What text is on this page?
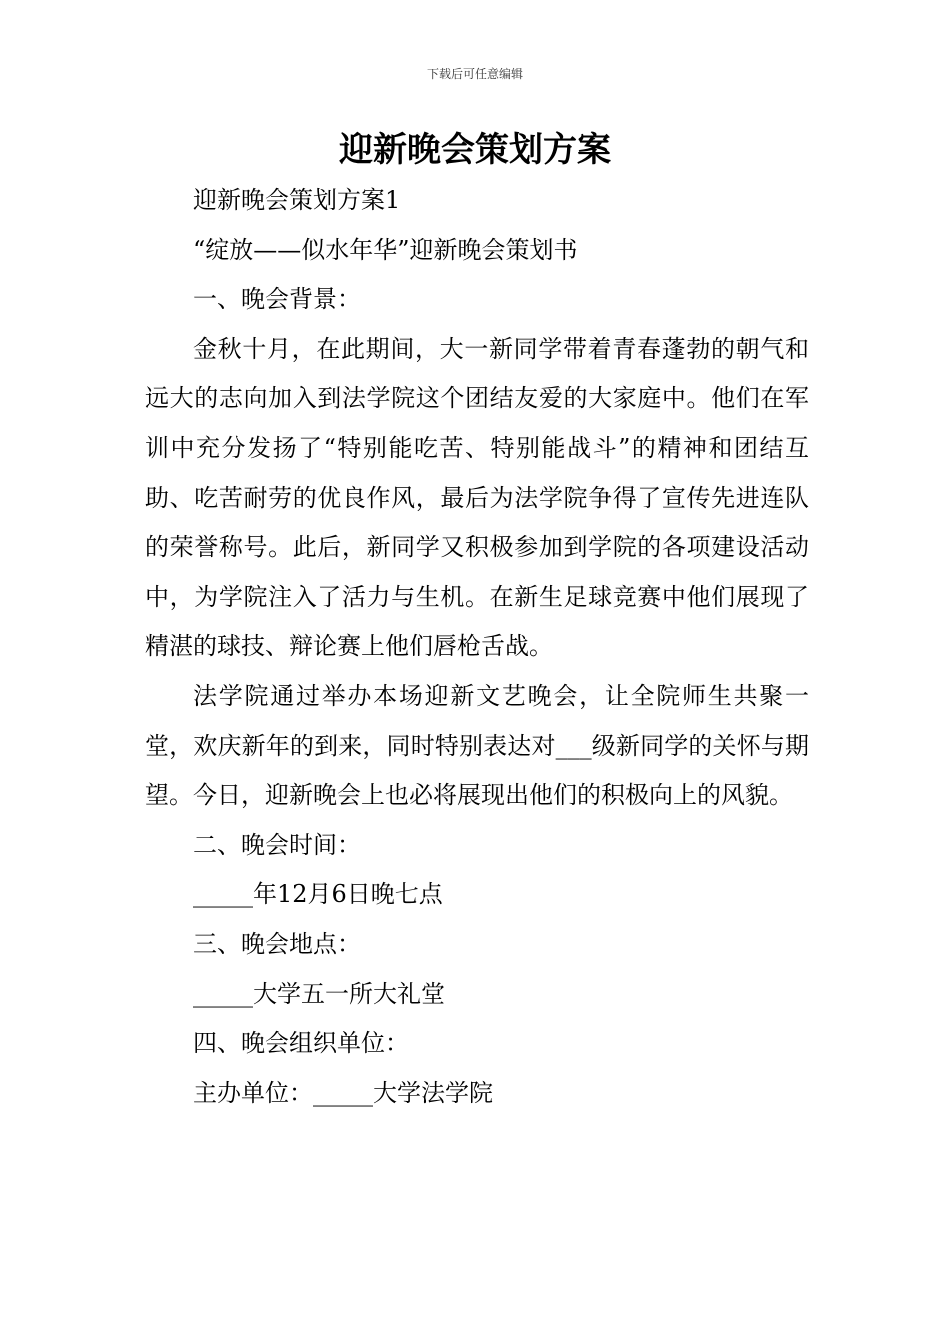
下载后可任意编辑
迎新晚会策划方案

迎新晚会策划方案1

“绽放——似水年华”迎新晚会策划书

一、晚会背景：

金秋十月，在此期间，大一新同学带着青春蓬勃的朝气和远大的志向加入到法学院这个团结友爱的大家庭中。他们在军训中充分发扬了“特别能吃苦、特别能战斗”的精神和团结互助、吃苦耐劳的优良作风，最后为法学院争得了宣传先进连队的荣誉称号。此后，新同学又积极参加到学院的各项建设活动中，为学院注入了活力与生机。在新生足球竞赛中他们展现了精湛的球技、辩论赛上他们唇枪舌战。

法学院通过举办本场迎新文艺晚会，让全院师生共聚一堂，欢庆新年的到来，同时特别表达对___级新同学的关怀与期望。今日，迎新晚会上也必将展现出他们的积极向上的风貌。

二、晚会时间：

_____年12月6日晚七点

三、晚会地点：

_____大学五一所大礼堂

四、晚会组织单位：

主办单位：_____大学法学院
